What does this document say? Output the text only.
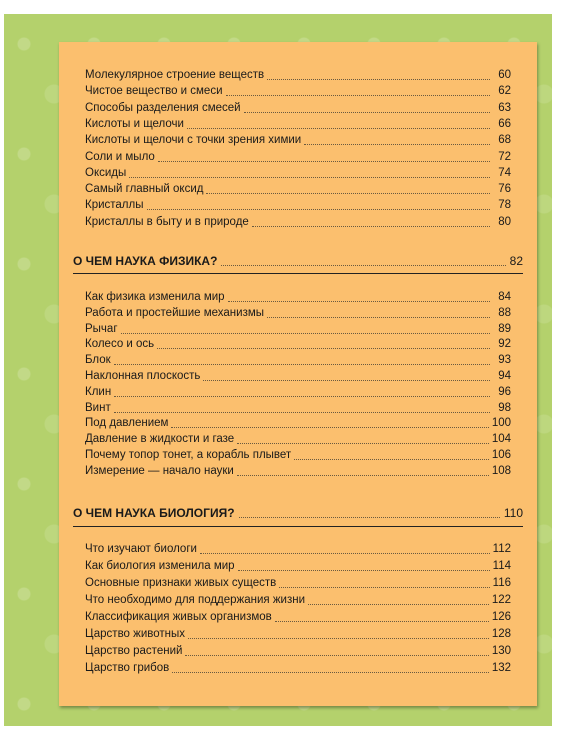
Молекулярное строение веществ	60
Чистое вещество и смеси	62
Способы разделения смесей	63
Кислоты и щелочи	66
Кислоты и щелочи с точки зрения химии	68
Соли и мыло	72
Оксиды	74
Самый главный оксид	76
Кристаллы	78
Кристаллы в быту и в природе	80
О ЧЕМ НАУКА ФИЗИКА?	82
Как физика изменила мир	84
Работа и простейшие механизмы	88
Рычаг	89
Колесо и ось	92
Блок	93
Наклонная плоскость	94
Клин	96
Винт	98
Под давлением	100
Давление в жидкости и газе	104
Почему топор тонет, а корабль плывет	106
Измерение — начало науки	108
О ЧЕМ НАУКА БИОЛОГИЯ?	110
Что изучают биологи	112
Как биология изменила мир	114
Основные признаки живых существ	116
Что необходимо для поддержания жизни	122
Классификация живых организмов	126
Царство животных	128
Царство растений	130
Царство грибов	132
